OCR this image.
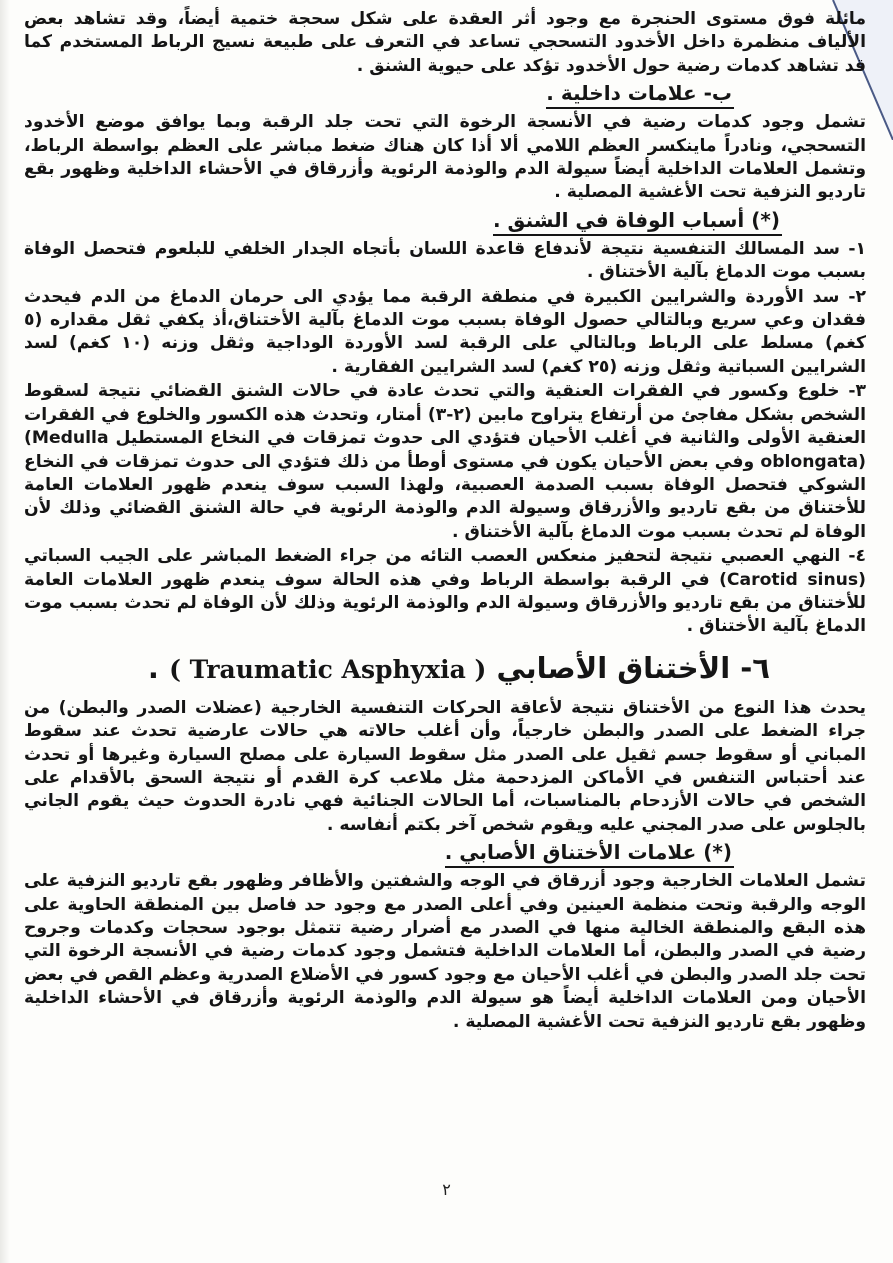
مائلة فوق مستوى الحنجرة مع وجود أثر العقدة على شكل سحجة ختمية أيضاً، وقد تشاهد بعض الألياف منظمرة داخل الأخدود التسحجي تساعد في التعرف على طبيعة نسيج الرباط المستخدم كما قد تشاهد كدمات رضية حول الأخدود تؤكد على حيوية الشنق .

ب- علامات داخلية .

تشمل وجود كدمات رضية في الأنسجة الرخوة التي تحت جلد الرقبة وبما يوافق موضع الأخدود التسحجي، ونادراً ماينكسر العظم اللامي ألا أذا كان هناك ضغط مباشر على العظم بواسطة الرباط، وتشمل العلامات الداخلية أيضاً سيولة الدم والوذمة الرئوية وأزرقاق في الأحشاء الداخلية وظهور بقع تارديو النزفية تحت الأغشية المصلية .

(*) أسباب الوفاة في الشنق .

١- سد المسالك التنفسية نتيجة لأندفاع قاعدة اللسان بأتجاه الجدار الخلفي للبلعوم فتحصل الوفاة بسبب موت الدماغ بآلية الأختناق .

٢- سد الأوردة والشرايين الكبيرة في منطقة الرقبة مما يؤدي الى حرمان الدماغ من الدم فيحدث فقدان وعي سريع وبالتالي حصول الوفاة بسبب موت الدماغ بآلية الأختناق،أذ يكفي ثقل مقداره (٥ كغم) مسلط على الرباط وبالتالي على الرقبة لسد الأوردة الوداجية وثقل وزنه (١٠ كغم) لسد الشرايين السباتية وثقل وزنه (٢٥ كغم) لسد الشرايين الفقارية .

٣- خلوع وكسور في الفقرات العنقية والتي تحدث عادة في حالات الشنق القضائي نتيجة لسقوط الشخص بشكل مفاجئ من أرتفاع يتراوح مابين (٢-٣) أمتار، وتحدث هذه الكسور والخلوع في الفقرات العنقية الأولى والثانية في أغلب الأحيان فتؤدي الى حدوث تمزقات في النخاع المستطيل (Medulla oblongata) وفي بعض الأحيان يكون في مستوى أوطأ من ذلك فتؤدي الى حدوث تمزقات في النخاع الشوكي فتحصل الوفاة بسبب الصدمة العصبية، ولهذا السبب سوف ينعدم ظهور العلامات العامة للأختناق من بقع تارديو والأزرقاق وسيولة الدم والوذمة الرئوية في حالة الشنق القضائي وذلك لأن الوفاة لم تحدث بسبب موت الدماغ بآلية الأختناق .

٤- النهي العصبي نتيجة لتحفيز منعكس العصب التائه من جراء الضغط المباشر على الجيب السباتي (Carotid sinus) في الرقبة بواسطة الرباط وفي هذه الحالة سوف ينعدم ظهور العلامات العامة للأختناق من بقع تارديو والأزرقاق وسيولة الدم والوذمة الرئوية وذلك لأن الوفاة لم تحدث بسبب موت الدماغ بآلية الأختناق .

٦- الأختناق الأصابي ( Traumatic Asphyxia ) .

يحدث هذا النوع من الأختناق نتيجة لأعاقة الحركات التنفسية الخارجية (عضلات الصدر والبطن) من جراء الضغط على الصدر والبطن خارجياً، وأن أغلب حالاته هي حالات عارضية تحدث عند سقوط المباني أو سقوط جسم ثقيل على الصدر مثل سقوط السيارة على مصلح السيارة وغيرها أو تحدث عند أحتباس التنفس في الأماكن المزدحمة مثل ملاعب كرة القدم أو نتيجة السحق بالأقدام على الشخص في حالات الأزدحام بالمناسبات، أما الحالات الجنائية فهي نادرة الحدوث حيث يقوم الجاني بالجلوس على صدر المجني عليه ويقوم شخص آخر بكتم أنفاسه .

(*) علامات الأختناق الأصابي .

تشمل العلامات الخارجية وجود أزرقاق في الوجه والشفتين والأظافر وظهور بقع تارديو النزفية على الوجه والرقبة وتحت منظمة العينين وفي أعلى الصدر مع وجود حد فاصل بين المنطقة الحاوية على هذه البقع والمنطقة الخالية منها في الصدر مع أضرار رضية تتمثل بوجود سحجات وكدمات وجروح رضية في الصدر والبطن، أما العلامات الداخلية فتشمل وجود كدمات رضية في الأنسجة الرخوة التي تحت جلد الصدر والبطن في أغلب الأحيان مع وجود كسور في الأضلاع الصدرية وعظم القص في بعض الأحيان ومن العلامات الداخلية أيضاً هو سيولة الدم والوذمة الرئوية وأزرقاق في الأحشاء الداخلية وظهور بقع تارديو النزفية تحت الأغشية المصلية .

٢
